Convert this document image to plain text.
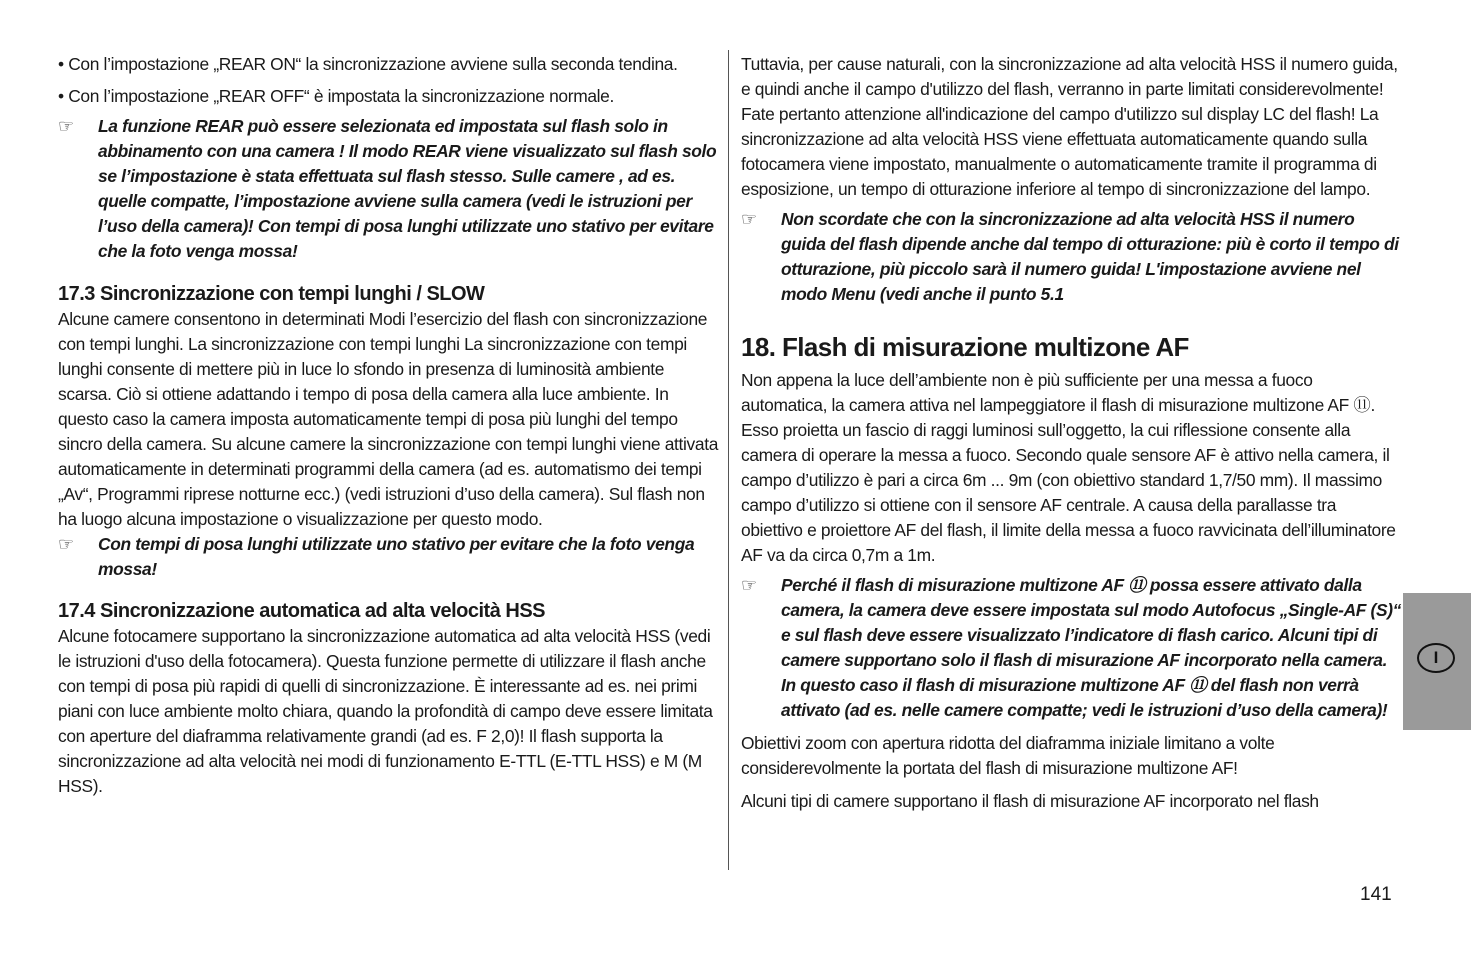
• Con l’impostazione „REAR ON“ la sincronizzazione avviene sulla seconda tendina.

• Con l’impostazione „REAR OFF“ è impostata la sincronizzazione normale.

☞ La funzione REAR può essere selezionata ed impostata sul flash solo in abbinamento con una camera ! Il modo REAR viene visualizzato sul flash solo se l’impostazione è stata effettuata sul flash stesso. Sulle camere , ad es. quelle compatte, l’impostazione avviene sulla camera (vedi le istruzioni per l’uso della camera)! Con tempi di posa lunghi utilizzate uno stativo per evitare che la foto venga mossa!
17.3 Sincronizzazione con tempi lunghi / SLOW

Alcune camere consentono in determinati Modi l’esercizio del flash con sincronizzazione con tempi lunghi. La sincronizzazione con tempi lunghi La sincronizzazione con tempi lunghi consente di mettere più in luce lo sfondo in presenza di luminosità ambiente scarsa. Ciò si ottiene adattando i tempo di posa della camera alla luce ambiente. In questo caso la camera imposta automaticamente tempi di posa più lunghi del tempo sincro della camera. Su alcune camere la sincronizzazione con tempi lunghi viene attivata automaticamente in determinati programmi della camera (ad es. automatismo dei tempi „Av“, Programmi riprese notturne ecc.) (vedi istruzioni d’uso della camera). Sul flash non ha luogo alcuna impostazione o visualizzazione per questo modo.

☞ Con tempi di posa lunghi utilizzate uno stativo per evitare che la foto venga mossa!
17.4 Sincronizzazione automatica ad alta velocità HSS

Alcune fotocamere supportano la sincronizzazione automatica ad alta velocità HSS (vedi le istruzioni d'uso della fotocamera). Questa funzione permette di utilizzare il flash anche con tempi di posa più rapidi di quelli di sincronizzazione. È interessante ad es. nei primi piani con luce ambiente molto chiara, quando la profondità di campo deve essere limitata con aperture del diaframma relativamente grandi (ad es. F 2,0)! Il flash supporta la sincronizzazione ad alta velocità nei modi di funzionamento E-TTL (E-TTL HSS) e M (M HSS).

Tuttavia, per cause naturali, con la sincronizzazione ad alta velocità HSS il numero guida, e quindi anche il campo d'utilizzo del flash, verranno in parte limitati considerevolmente! Fate pertanto attenzione all'indicazione del campo d'utilizzo sul display LC del flash! La sincronizzazione ad alta velocità HSS viene effettuata automaticamente quando sulla fotocamera viene impostato, manualmente o automaticamente tramite il programma di esposizione, un tempo di otturazione inferiore al tempo di sincronizzazione del lampo.

☞ Non scordate che con la sincronizzazione ad alta velocità HSS il numero guida del flash dipende anche dal tempo di otturazione: più è corto il tempo di otturazione, più piccolo sarà il numero guida! L'impostazione avviene nel modo Menu (vedi anche il punto 5.1
18. Flash di misurazione multizone AF

Non appena la luce dell’ambiente non è più sufficiente per una messa a fuoco automatica, la camera attiva nel lampeggiatore il flash di misurazione multizone AF ⑪. Esso proietta un fascio di raggi luminosi sull’oggetto, la cui riflessione consente alla camera di operare la messa a fuoco. Secondo quale sensore AF è attivo nella camera, il campo d’utilizzo è pari a circa 6m ... 9m (con obiettivo standard 1,7/50 mm). Il massimo campo d’utilizzo si ottiene con il sensore AF centrale. A causa della parallasse tra obiettivo e proiettore AF del flash, il limite della messa a fuoco ravvicinata dell’illuminatore AF va da circa 0,7m a 1m.

☞ Perché il flash di misurazione multizone AF ⑪ possa essere attivato dalla camera, la camera deve essere impostata sul modo Autofocus „Single-AF (S)“ e sul flash deve essere visualizzato l’indicatore di flash carico. Alcuni tipi di camere supportano solo il flash di misurazione AF incorporato nella camera. In questo caso il flash di misurazione multizone AF ⑪ del flash non verrà attivato (ad es. nelle camere compatte; vedi le istruzioni d’uso della camera)!

Obiettivi zoom con apertura ridotta del diaframma iniziale limitano a volte considerevolmente la portata del flash di misurazione multizone AF!

Alcuni tipi di camere supportano il flash di misurazione AF incorporato nel flash

I
141
